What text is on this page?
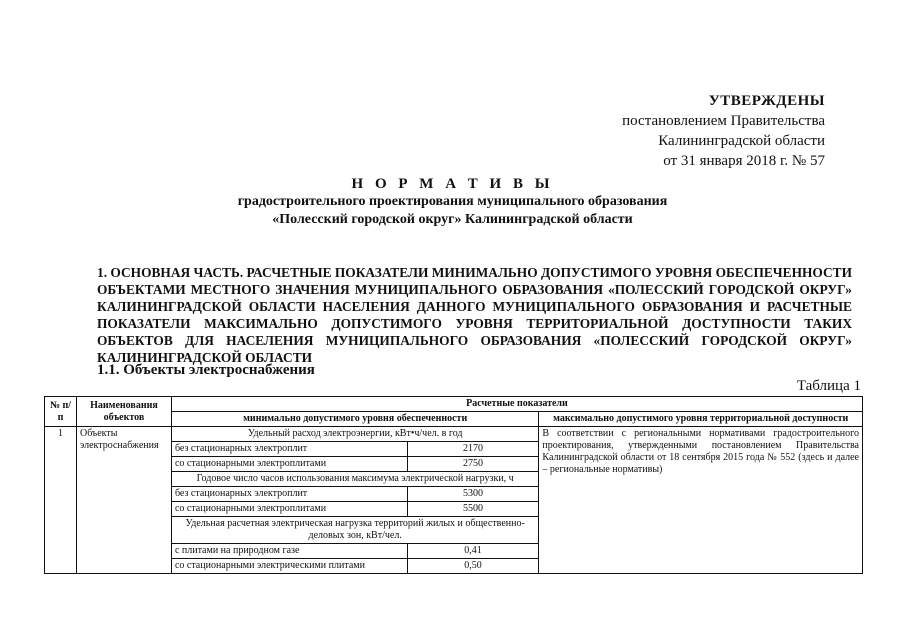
УТВЕРЖДЕНЫ
постановлением Правительства
Калининградской области
от 31 января 2018 г. № 57
Н О Р М А Т И В Ы
градостроительного проектирования муниципального образования
«Полесский городской округ» Калининградской области
1. ОСНОВНАЯ ЧАСТЬ. РАСЧЕТНЫЕ ПОКАЗАТЕЛИ МИНИМАЛЬНО ДОПУСТИМОГО УРОВНЯ ОБЕСПЕЧЕННОСТИ ОБЪЕКТАМИ МЕСТНОГО ЗНАЧЕНИЯ МУНИЦИПАЛЬНОГО ОБРАЗОВАНИЯ «ПОЛЕССКИЙ ГОРОДСКОЙ ОКРУГ» КАЛИНИНГРАДСКОЙ ОБЛАСТИ НАСЕЛЕНИЯ ДАННОГО МУНИЦИПАЛЬНОГО ОБРАЗОВАНИЯ И РАСЧЕТНЫЕ ПОКАЗАТЕЛИ МАКСИМАЛЬНО ДОПУСТИМОГО УРОВНЯ ТЕРРИТОРИАЛЬНОЙ ДОСТУПНОСТИ ТАКИХ ОБЪЕКТОВ ДЛЯ НАСЕЛЕНИЯ МУНИЦИПАЛЬНОГО ОБРАЗОВАНИЯ «ПОЛЕССКИЙ ГОРОДСКОЙ ОКРУГ» КАЛИНИНГРАДСКОЙ ОБЛАСТИ
1.1. Объекты электроснабжения
Таблица 1
№ п/п	Наименования объектов	Расчетные показатели		
		минимально допустимого уровня обеспеченности		максимально допустимого уровня территориальной доступности
1	Объекты электроснабжения	Удельный расход электроэнергии, кВт•ч/чел. в год		В соответствии с региональными нормативами градостроительного проектирования, утвержденными постановлением Правительства Калининградской области от 18 сентября 2015 года № 552 (здесь и далее – региональные нормативы)
		без стационарных электроплит	2170	
		со стационарными электроплитами	2750	
		Годовое число часов использования максимума электрической нагрузки, ч		
		без стационарных электроплит	5300	
		со стационарными электроплитами	5500	
		Удельная расчетная электрическая нагрузка территорий жилых и общественно-деловых зон, кВт/чел.		
		с плитами на природном газе	0,41	
		со стационарными электрическими плитами	0,50	
